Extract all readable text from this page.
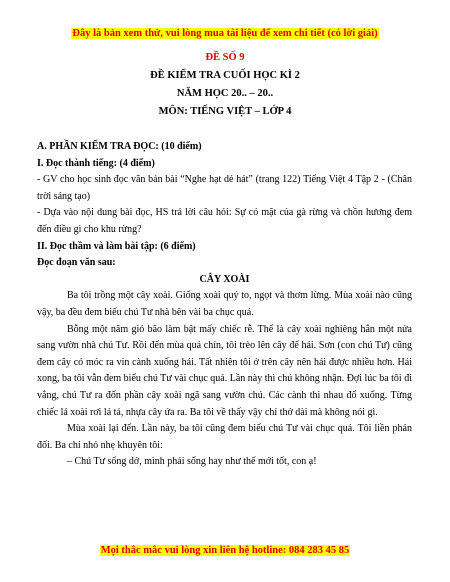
Đây là bản xem thử, vui lòng mua tài liệu để xem chi tiết (có lời giải)
ĐỀ SỐ 9
ĐỀ KIỂM TRA CUỐI HỌC KÌ 2
NĂM HỌC 20.. – 20..
MÔN: TIẾNG VIỆT – LỚP 4

A. PHẦN KIỂM TRA ĐỌC: (10 điểm)

I. Đọc thành tiếng: (4 điểm)

- GV cho học sinh đọc văn bản bài “Nghe hạt dẻ hát” (trang 122) Tiếng Việt 4 Tập 2 - (Chân trời sáng tạo)

- Dựa vào nội dung bài đọc, HS trả lời câu hỏi: Sự có mặt của gà rừng và chồn hương đem đến điều gì cho khu rừng?

II. Đọc thầm và làm bài tập: (6 điểm)

Đọc đoạn văn sau:

CÂY XOÀI

Ba tôi trồng một cây xoài. Giống xoài quý to, ngọt và thơm lừng. Mùa xoài nào cũng vậy, ba đều đem biếu chú Tư nhà bên vài ba chục quả.

Bỗng một năm gió bão làm bật mấy chiếc rễ. Thế là cây xoài nghiêng hẳn một nửa sang vườn nhà chú Tư. Rồi đến mùa quả chín, tôi trèo lên cây để hái. Sơn (con chú Tư) cũng đem cây có móc ra vin cành xuống hái. Tất nhiên tôi ở trên cây nên hái được nhiều hơn. Hái xong, ba tôi vẫn đem biếu chú Tư vài chục quả. Lần này thì chú không nhận. Đợi lúc ba tôi đi vắng, chú Tư ra đốn phần cây xoài ngã sang vườn chú. Các cành thi nhau đổ xuống. Từng chiếc lá xoài rơi lả tả, nhựa cây ứa ra. Ba tôi về thấy vậy chỉ thở dài mà không nói gì.

Mùa xoài lại đến. Lần này, ba tôi cũng đem biếu chú Tư vài chục quả. Tôi liền phản đối. Ba chỉ nhỏ nhẹ khuyên tôi:

– Chú Tư sống dở, mình phải sống hay như thế mới tốt, con ạ!

Mọi thắc mắc vui lòng xin liên hệ hotline: 084 283 45 85
